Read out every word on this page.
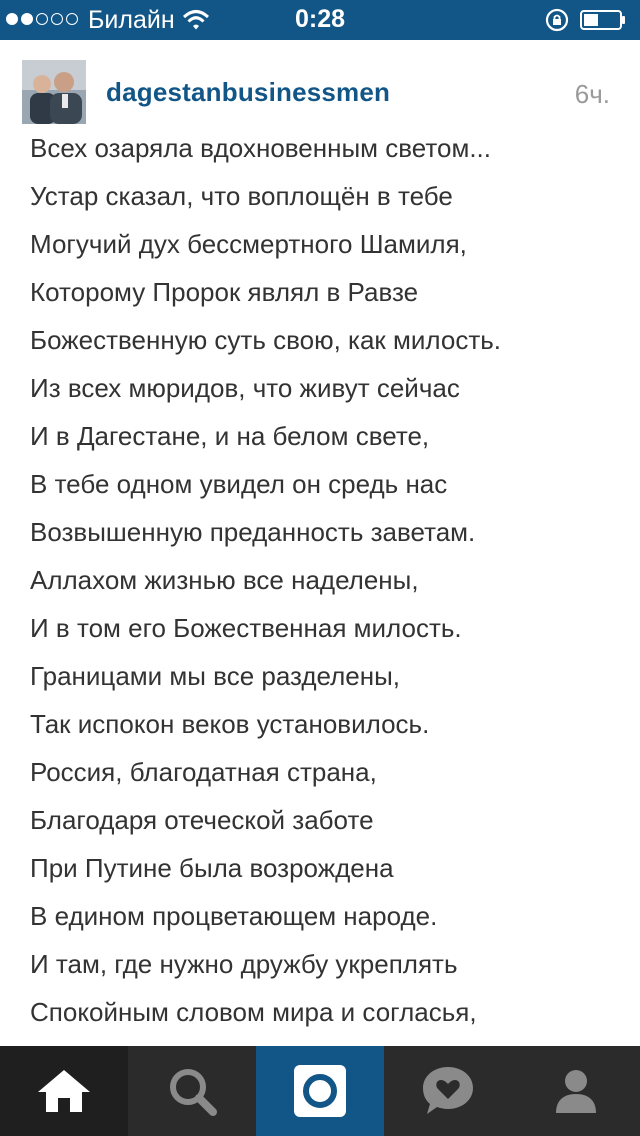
Билайн	0:28
dagestanbusinessmen	6ч.
Всех озаряла вдохновенным светом...
Устар сказал, что воплощён в тебе
Могучий дух бессмертного Шамиля,
Которому Пророк являл в Равзе
Божественную суть свою, как милость.
Из всех мюридов, что живут сейчас
И в Дагестане, и на белом свете,
В тебе одном увидел он средь нас
Возвышенную преданность заветам.
Аллахом жизнью все наделены,
И в том его Божественная милость.
Границами мы все разделены,
Так испокон веков установилось.
Россия, благодатная страна,
Благодаря отеческой заботе
При Путине была возрождена
В едином процветающем народе.
И там, где нужно дружбу укреплять
Спокойным словом мира и согласья,
